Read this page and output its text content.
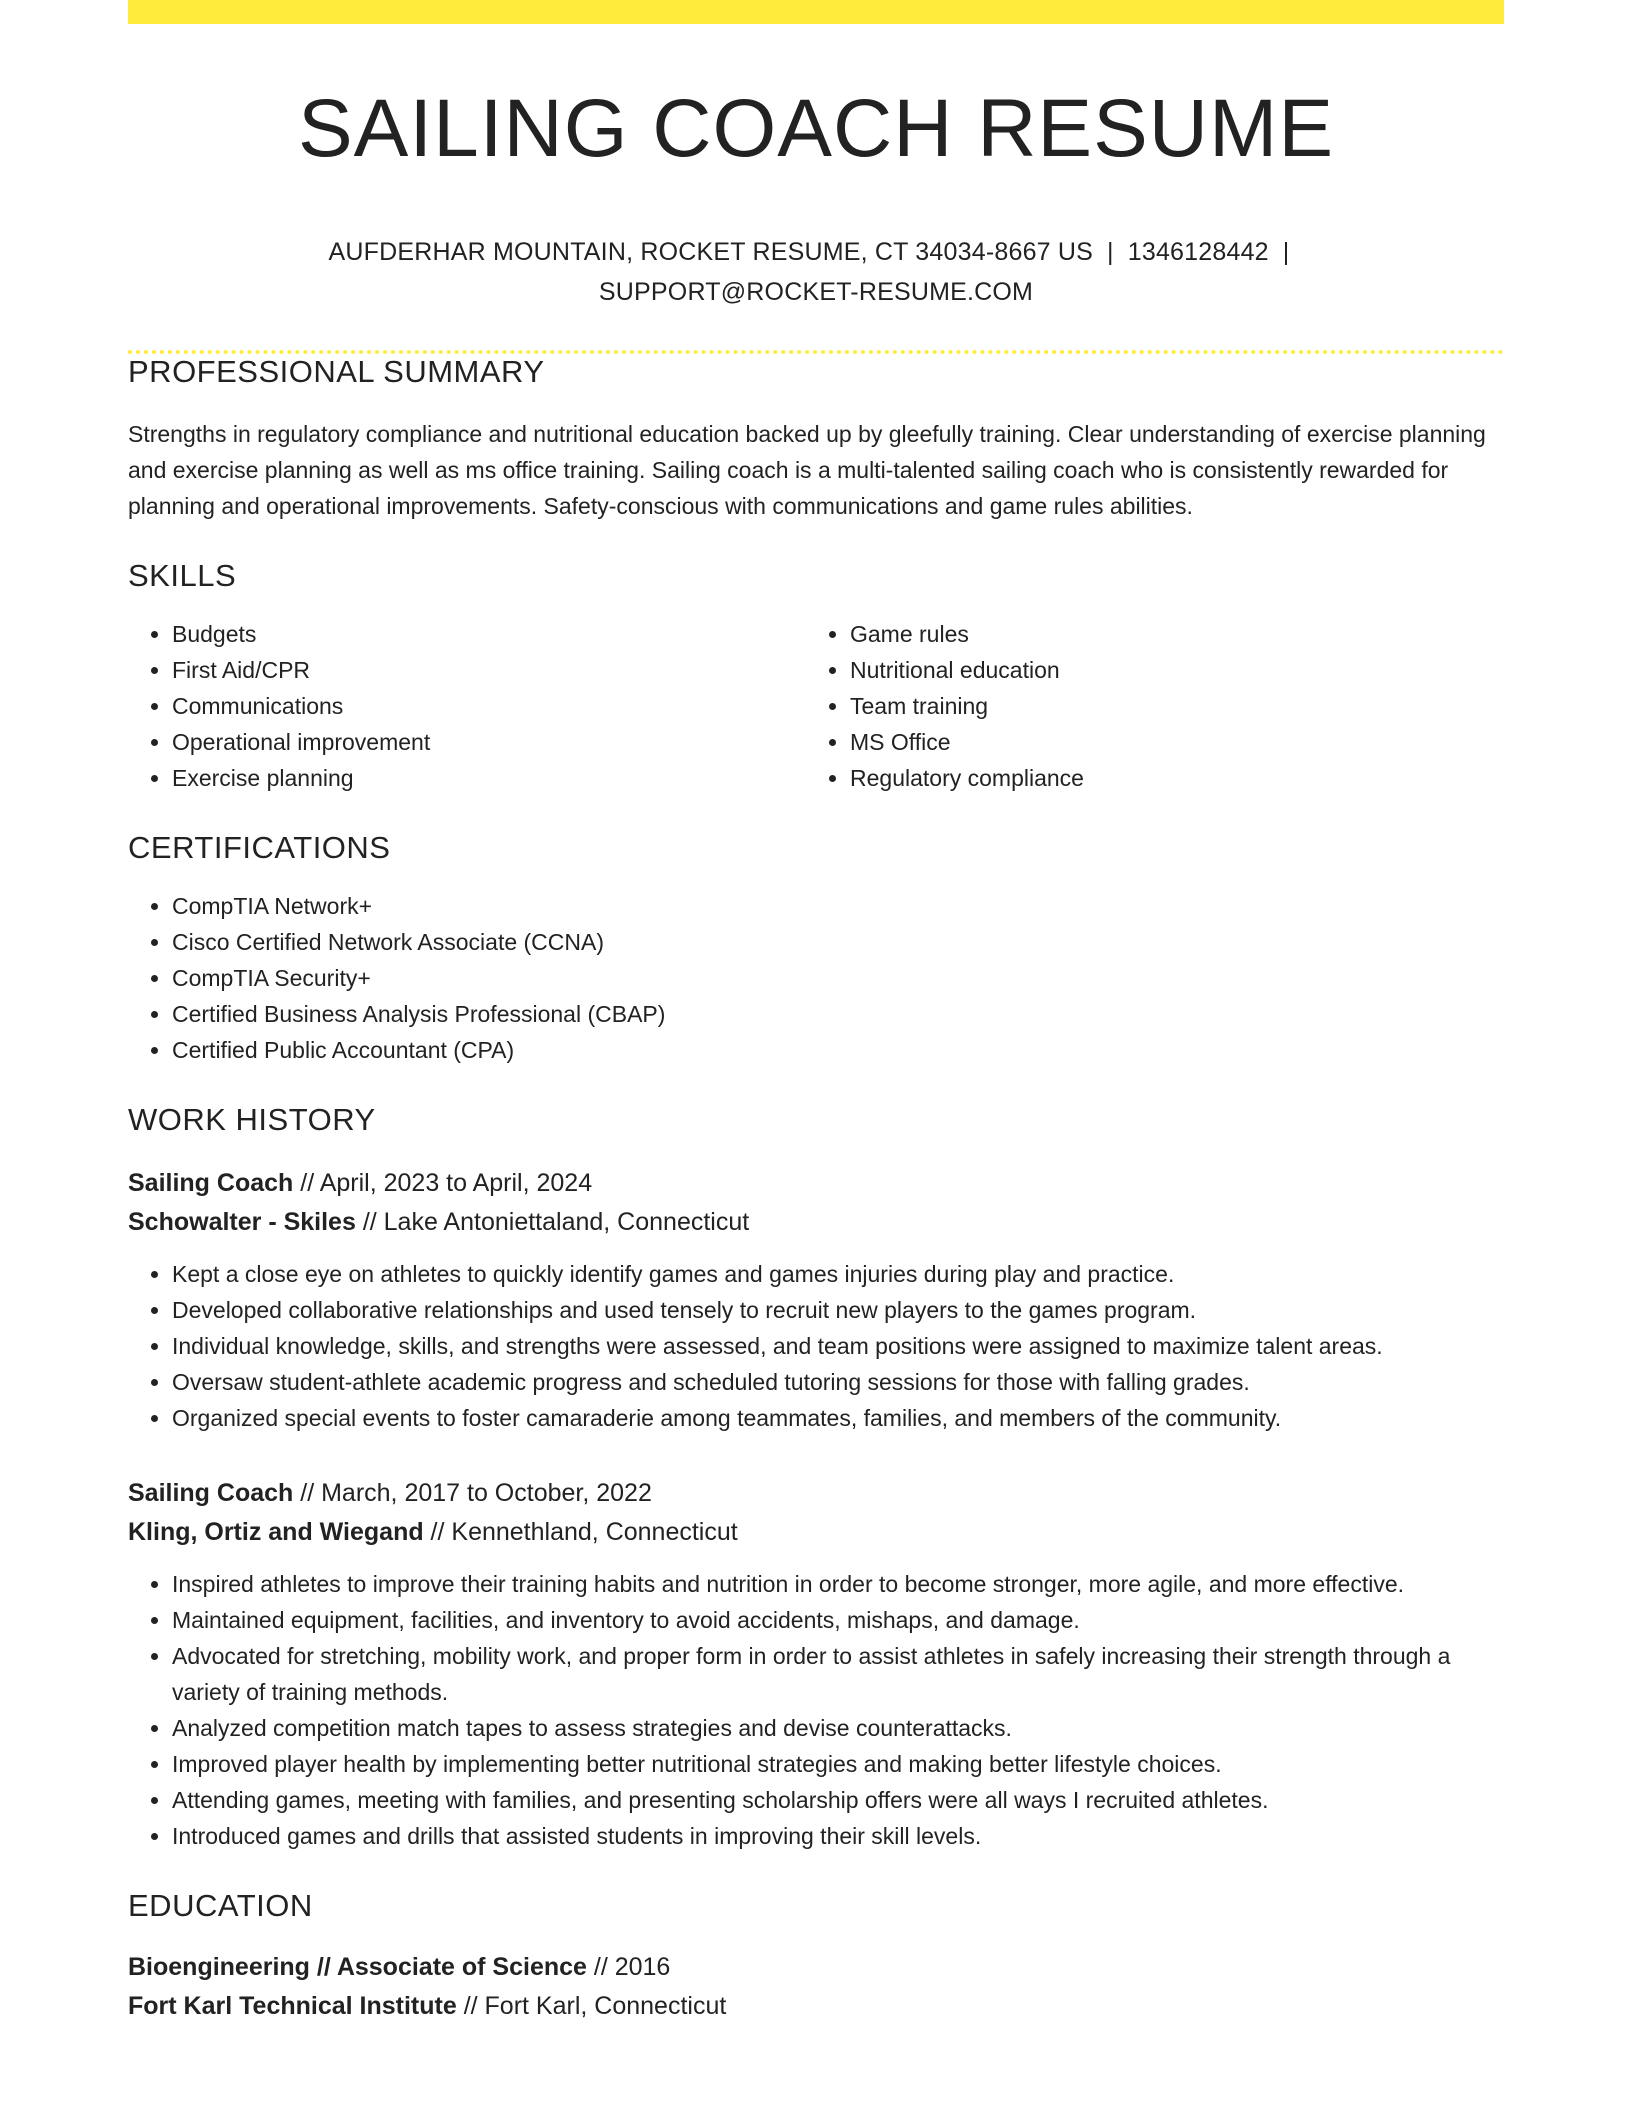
SAILING COACH RESUME
AUFDERHAR MOUNTAIN, ROCKET RESUME, CT 34034-8667 US | 1346128442 |
SUPPORT@ROCKET-RESUME.COM
PROFESSIONAL SUMMARY

Strengths in regulatory compliance and nutritional education backed up by gleefully training. Clear understanding of exercise planning and exercise planning as well as ms office training. Sailing coach is a multi-talented sailing coach who is consistently rewarded for planning and operational improvements. Safety-conscious with communications and game rules abilities.

SKILLS
• Budgets
• First Aid/CPR
• Communications
• Operational improvement
• Exercise planning
• Game rules
• Nutritional education
• Team training
• MS Office
• Regulatory compliance
CERTIFICATIONS
• CompTIA Network+
• Cisco Certified Network Associate (CCNA)
• CompTIA Security+
• Certified Business Analysis Professional (CBAP)
• Certified Public Accountant (CPA)
WORK HISTORY
Sailing Coach // April, 2023 to April, 2024
Schowalter - Skiles // Lake Antoniettaland, Connecticut
• Kept a close eye on athletes to quickly identify games and games injuries during play and practice.
• Developed collaborative relationships and used tensely to recruit new players to the games program.
• Individual knowledge, skills, and strengths were assessed, and team positions were assigned to maximize talent areas.
• Oversaw student-athlete academic progress and scheduled tutoring sessions for those with falling grades.
• Organized special events to foster camaraderie among teammates, families, and members of the community.
Sailing Coach // March, 2017 to October, 2022
Kling, Ortiz and Wiegand // Kennethland, Connecticut
• Inspired athletes to improve their training habits and nutrition in order to become stronger, more agile, and more effective.
• Maintained equipment, facilities, and inventory to avoid accidents, mishaps, and damage.
• Advocated for stretching, mobility work, and proper form in order to assist athletes in safely increasing their strength through a variety of training methods.
• Analyzed competition match tapes to assess strategies and devise counterattacks.
• Improved player health by implementing better nutritional strategies and making better lifestyle choices.
• Attending games, meeting with families, and presenting scholarship offers were all ways I recruited athletes.
• Introduced games and drills that assisted students in improving their skill levels.
EDUCATION
Bioengineering // Associate of Science // 2016
Fort Karl Technical Institute // Fort Karl, Connecticut
